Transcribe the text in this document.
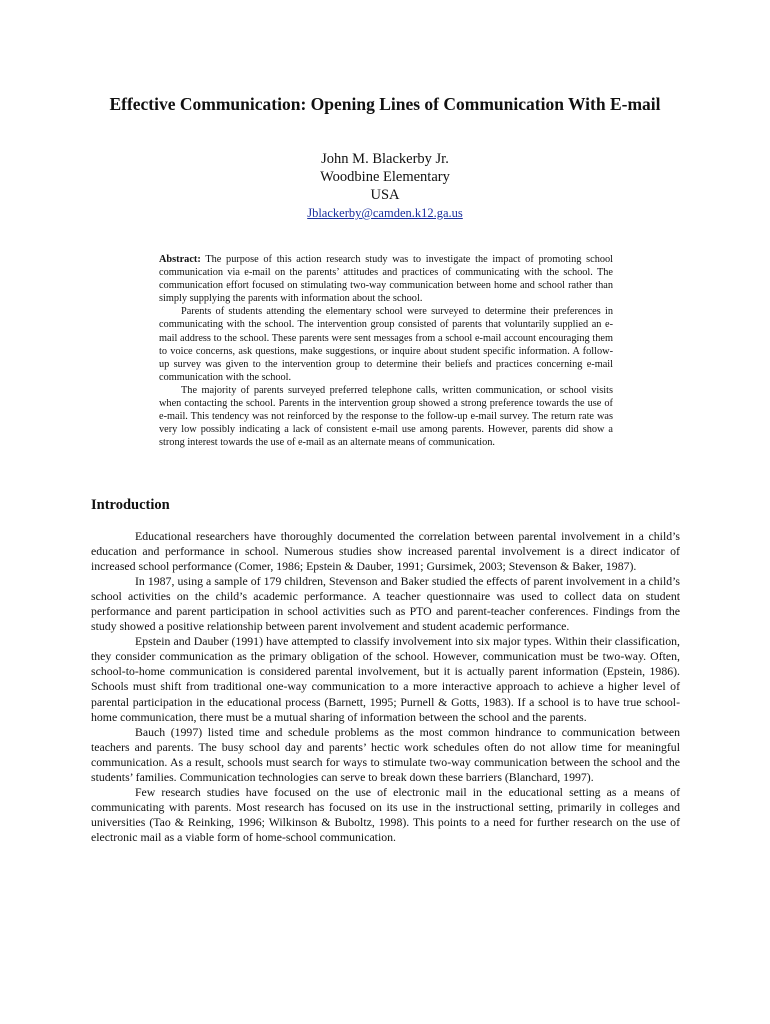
Effective Communication: Opening Lines of Communication With E-mail
John M. Blackerby Jr.
Woodbine Elementary
USA
Jblackerby@camden.k12.ga.us

Abstract: The purpose of this action research study was to investigate the impact of promoting school communication via e-mail on the parents’ attitudes and practices of communicating with the school. The communication effort focused on stimulating two-way communication between home and school rather than simply supplying the parents with information about the school.

Parents of students attending the elementary school were surveyed to determine their preferences in communicating with the school. The intervention group consisted of parents that voluntarily supplied an e-mail address to the school. These parents were sent messages from a school e-mail account encouraging them to voice concerns, ask questions, make suggestions, or inquire about student specific information. A follow-up survey was given to the intervention group to determine their beliefs and practices concerning e-mail communication with the school.

The majority of parents surveyed preferred telephone calls, written communication, or school visits when contacting the school. Parents in the intervention group showed a strong preference towards the use of e-mail. This tendency was not reinforced by the response to the follow-up e-mail survey. The return rate was very low possibly indicating a lack of consistent e-mail use among parents. However, parents did show a strong interest towards the use of e-mail as an alternate means of communication.

Introduction

Educational researchers have thoroughly documented the correlation between parental involvement in a child’s education and performance in school. Numerous studies show increased parental involvement is a direct indicator of increased school performance (Comer, 1986; Epstein & Dauber, 1991; Gursimek, 2003; Stevenson & Baker, 1987).

In 1987, using a sample of 179 children, Stevenson and Baker studied the effects of parent involvement in a child’s school activities on the child’s academic performance. A teacher questionnaire was used to collect data on student performance and parent participation in school activities such as PTO and parent-teacher conferences. Findings from the study showed a positive relationship between parent involvement and student academic performance.

Epstein and Dauber (1991) have attempted to classify involvement into six major types. Within their classification, they consider communication as the primary obligation of the school. However, communication must be two-way. Often, school-to-home communication is considered parental involvement, but it is actually parent information (Epstein, 1986). Schools must shift from traditional one-way communication to a more interactive approach to achieve a higher level of parental participation in the educational process (Barnett, 1995; Purnell & Gotts, 1983). If a school is to have true school-home communication, there must be a mutual sharing of information between the school and the parents.

Bauch (1997) listed time and schedule problems as the most common hindrance to communication between teachers and parents. The busy school day and parents’ hectic work schedules often do not allow time for meaningful communication. As a result, schools must search for ways to stimulate two-way communication between the school and the students’ families. Communication technologies can serve to break down these barriers (Blanchard, 1997).

Few research studies have focused on the use of electronic mail in the educational setting as a means of communicating with parents. Most research has focused on its use in the instructional setting, primarily in colleges and universities (Tao & Reinking, 1996; Wilkinson & Buboltz, 1998). This points to a need for further research on the use of electronic mail as a viable form of home-school communication.
